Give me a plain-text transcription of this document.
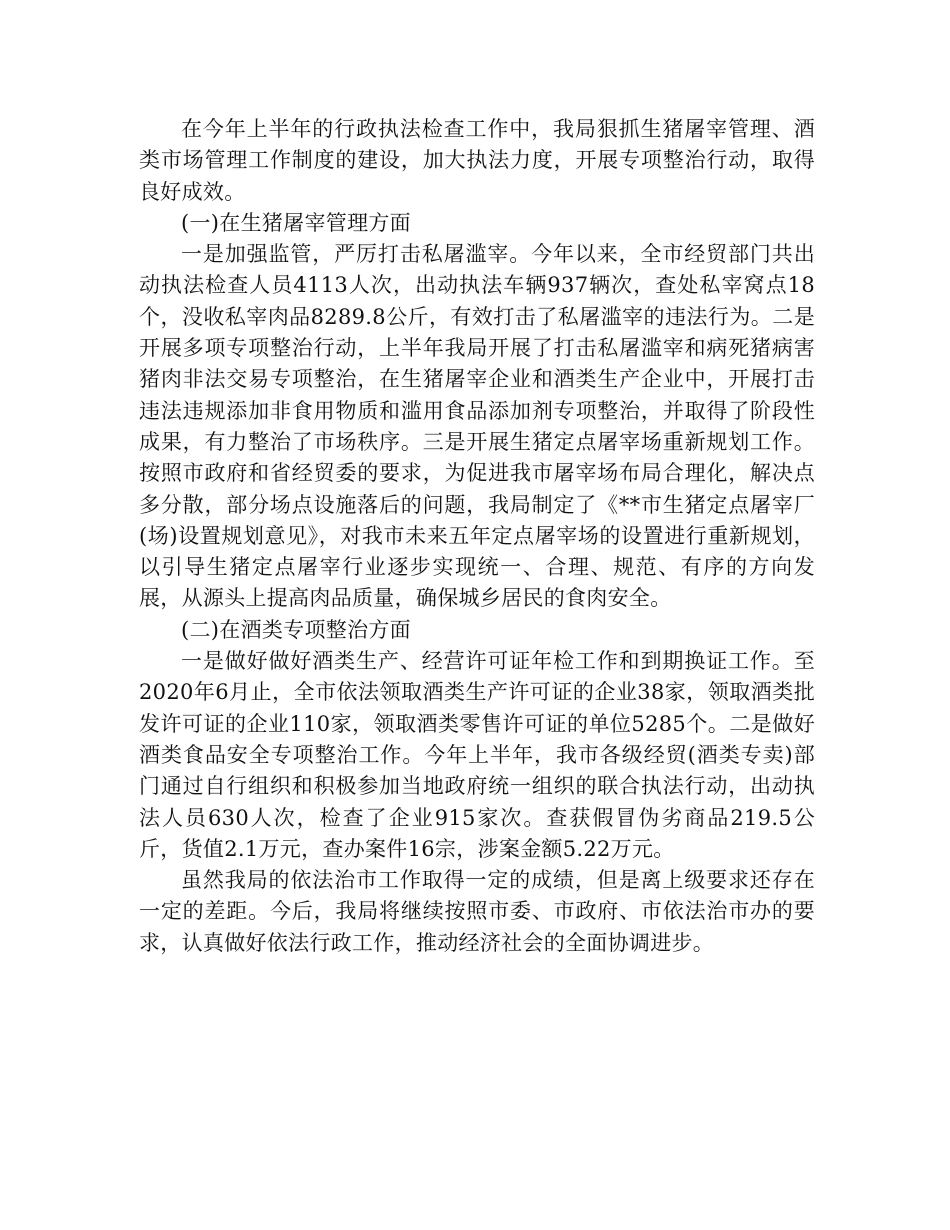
在今年上半年的行政执法检查工作中，我局狠抓生猪屠宰管理、酒类市场管理工作制度的建设，加大执法力度，开展专项整治行动，取得良好成效。

(一)在生猪屠宰管理方面

一是加强监管，严厉打击私屠滥宰。今年以来，全市经贸部门共出动执法检查人员4113人次，出动执法车辆937辆次，查处私宰窝点18个，没收私宰肉品8289.8公斤，有效打击了私屠滥宰的违法行为。二是开展多项专项整治行动，上半年我局开展了打击私屠滥宰和病死猪病害猪肉非法交易专项整治，在生猪屠宰企业和酒类生产企业中，开展打击违法违规添加非食用物质和滥用食品添加剂专项整治，并取得了阶段性成果，有力整治了市场秩序。三是开展生猪定点屠宰场重新规划工作。按照市政府和省经贸委的要求，为促进我市屠宰场布局合理化，解决点多分散，部分场点设施落后的问题，我局制定了《**市生猪定点屠宰厂(场)设置规划意见》，对我市未来五年定点屠宰场的设置进行重新规划，以引导生猪定点屠宰行业逐步实现统一、合理、规范、有序的方向发展，从源头上提高肉品质量，确保城乡居民的食肉安全。

(二)在酒类专项整治方面

一是做好做好酒类生产、经营许可证年检工作和到期换证工作。至2020年6月止，全市依法领取酒类生产许可证的企业38家，领取酒类批发许可证的企业110家，领取酒类零售许可证的单位5285个。二是做好酒类食品安全专项整治工作。今年上半年，我市各级经贸(酒类专卖)部门通过自行组织和积极参加当地政府统一组织的联合执法行动，出动执法人员630人次，检查了企业915家次。查获假冒伪劣商品219.5公斤，货值2.1万元，查办案件16宗，涉案金额5.22万元。

虽然我局的依法治市工作取得一定的成绩，但是离上级要求还存在一定的差距。今后，我局将继续按照市委、市政府、市依法治市办的要求，认真做好依法行政工作，推动经济社会的全面协调进步。
